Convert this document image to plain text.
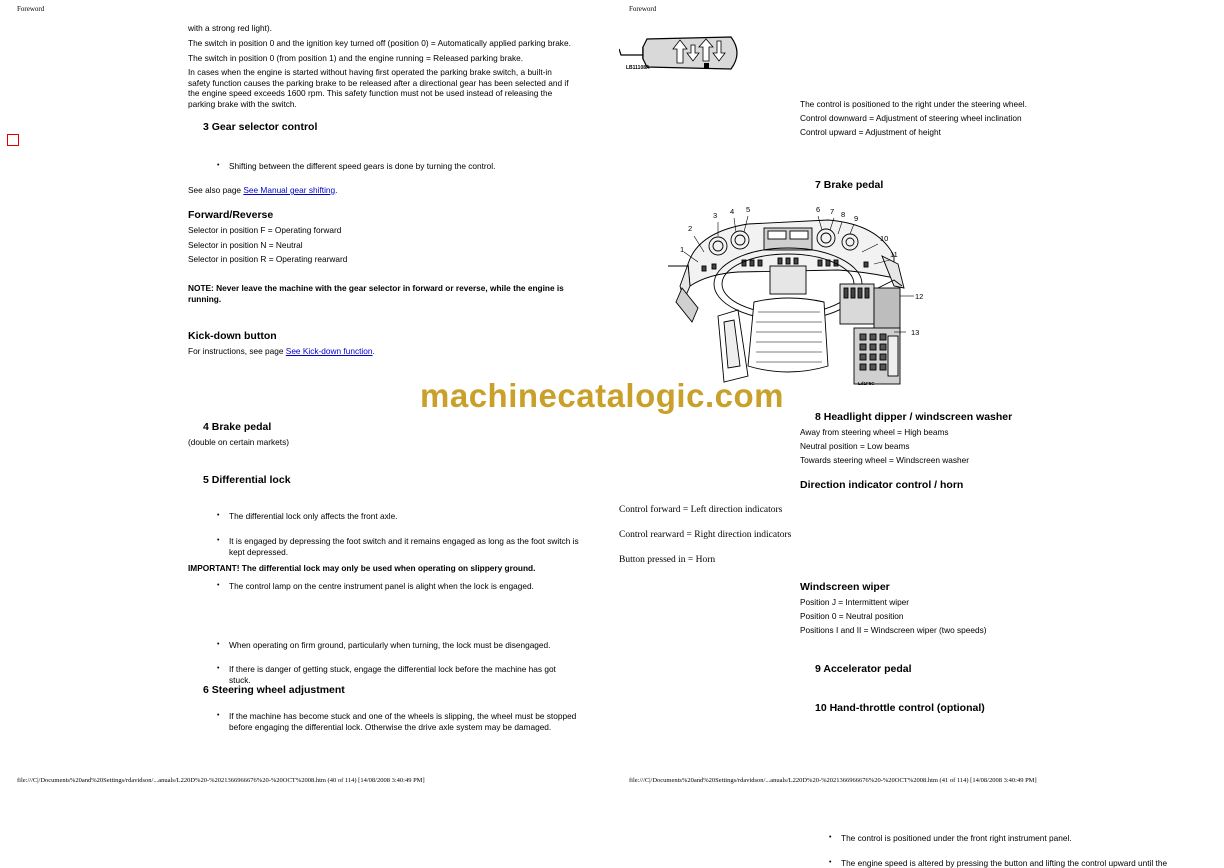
Foreword	Foreword
with a strong red light).
The switch in position 0 and the ignition key turned off (position 0) = Automatically applied parking brake.
The switch in position 0 (from position 1) and the engine running = Released parking brake.
In cases when the engine is started without having first operated the parking brake switch, a built-in
safety function causes the parking brake to be released after a directional gear has been selected and if
the engine speed exceeds 1600 rpm. This safety function must not be used instead of releasing the
parking brake with the switch.
3 Gear selector control
• Shifting between the different speed gears is done by turning the control.
See also page See Manual gear shifting.
Forward/Reverse
Selector in position F = Operating forward
Selector in position N = Neutral
Selector in position R = Operating rearward
NOTE: Never leave the machine with the gear selector in forward or reverse, while the engine is
running.
Kick-down button
For instructions, see page See Kick-down function.
4 Brake pedal
(double on certain markets)
5 Differential lock
• The differential lock only affects the front axle.
• It is engaged by depressing the foot switch and it remains engaged as long as the foot switch is
kept depressed.
• The control lamp on the centre instrument panel is alight when the lock is engaged.
IMPORTANT! The differential lock may only be used when operating on slippery ground.
• When operating on firm ground, particularly when turning, the lock must be disengaged.
• If there is danger of getting stuck, engage the differential lock before the machine has got
stuck.
• If the machine has become stuck and one of the wheels is slipping, the wheel must be stopped
before engaging the differential lock. Otherwise the drive axle system may be damaged.
6 Steering wheel adjustment
LB11108A
The control is positioned to the right under the steering wheel.
Control downward = Adjustment of steering wheel inclination
Control upward = Adjustment of height
7 Brake pedal
1
2
3 4 5	6 7 8 9
10
11
12
13
Ld1F5C
machinecatalogic.com
8 Headlight dipper / windscreen washer
Away from steering wheel = High beams
Neutral position = Low beams
Towards steering wheel = Windscreen washer
Direction indicator control / horn
Control forward = Left direction indicators
Control rearward = Right direction indicators
Button pressed in = Horn
Windscreen wiper
Position J = Intermittent wiper
Position 0 = Neutral position
Positions I and II = Windscreen wiper (two speeds)
9 Accelerator pedal
10 Hand-throttle control (optional)
• The control is positioned under the front right instrument panel.
• The engine speed is altered by pressing the button and lifting the control upward until the
file:///C|/Documents%20and%20Settings/rdavidson/...anuals/L220D%20-%2021366966676%20-%20OCT%2008.htm (40 of 114) [14/08/2008 3:40:49 PM]	file:///C|/Documents%20and%20Settings/rdavidson/...anuals/L220D%20-%2021366966676%20-%20OCT%2008.htm (41 of 114) [14/08/2008 3:40:49 PM]
